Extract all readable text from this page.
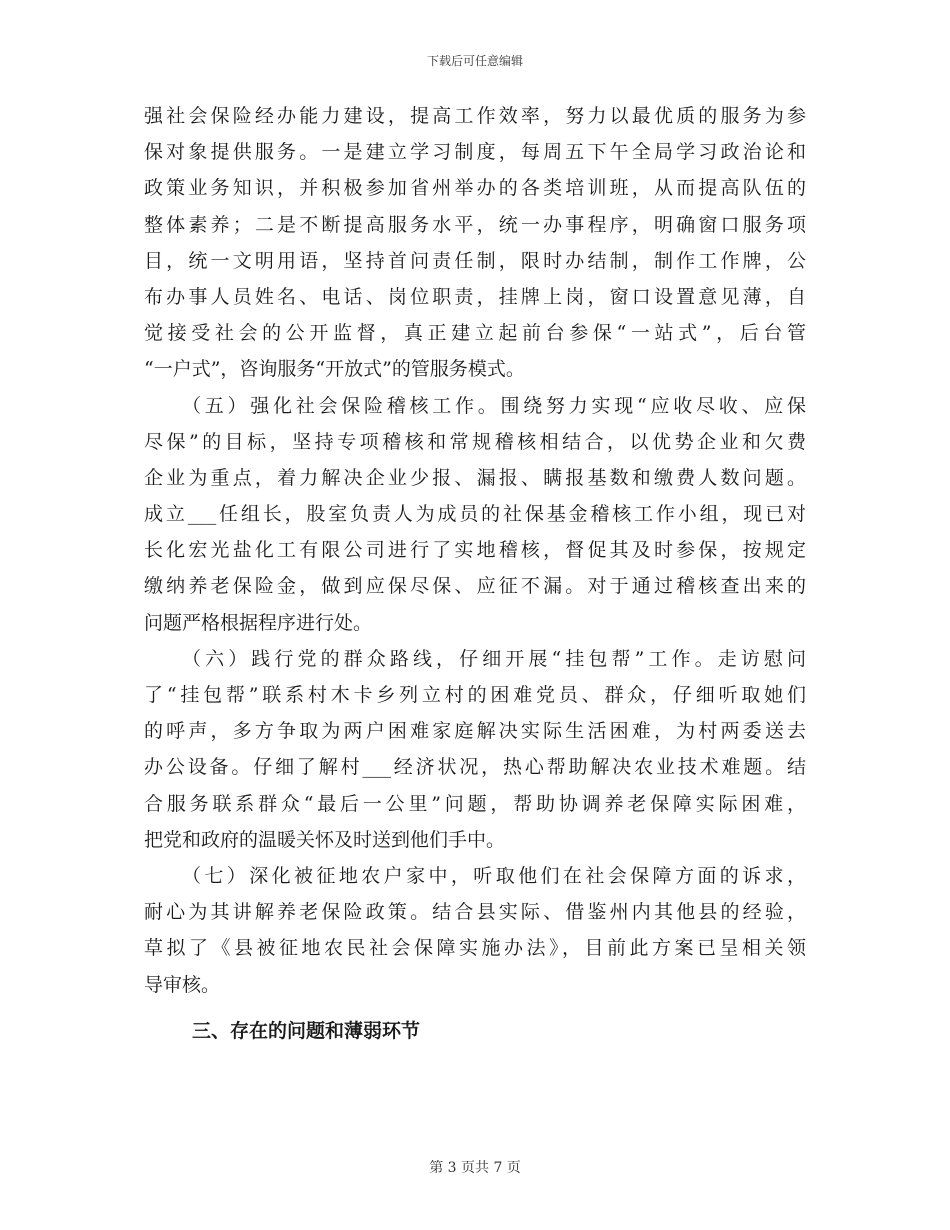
下载后可任意编辑
强社会保险经办能力建设，提高工作效率，努力以最优质的服务为参
保对象提供服务。一是建立学习制度，每周五下午全局学习政治论和
政策业务知识，并积极参加省州举办的各类培训班，从而提高队伍的
整体素养；二是不断提高服务水平，统一办事程序，明确窗口服务项
目，统一文明用语，坚持首问责任制，限时办结制，制作工作牌，公
布办事人员姓名、电话、岗位职责，挂牌上岗，窗口设置意见薄，自
觉接受社会的公开监督，真正建立起前台参保“一站式”，后台管
“一户式”，咨询服务“开放式”的管服务模式。
（五）强化社会保险稽核工作。围绕努力实现“应收尽收、应保
尽保”的目标，坚持专项稽核和常规稽核相结合，以优势企业和欠费
企业为重点，着力解决企业少报、漏报、瞒报基数和缴费人数问题。
成立___任组长，股室负责人为成员的社保基金稽核工作小组，现已对
长化宏光盐化工有限公司进行了实地稽核，督促其及时参保，按规定
缴纳养老保险金，做到应保尽保、应征不漏。对于通过稽核查出来的
问题严格根据程序进行处。
（六）践行党的群众路线，仔细开展“挂包帮”工作。走访慰问
了“挂包帮”联系村木卡乡列立村的困难党员、群众，仔细听取她们
的呼声，多方争取为两户困难家庭解决实际生活困难，为村两委送去
办公设备。仔细了解村___经济状况，热心帮助解决农业技术难题。结
合服务联系群众“最后一公里”问题，帮助协调养老保障实际困难，
把党和政府的温暖关怀及时送到他们手中。
（七）深化被征地农户家中，听取他们在社会保障方面的诉求，
耐心为其讲解养老保险政策。结合县实际、借鉴州内其他县的经验，
草拟了《县被征地农民社会保障实施办法》，目前此方案已呈相关领
导审核。
三、存在的问题和薄弱环节
第 3 页共 7 页
